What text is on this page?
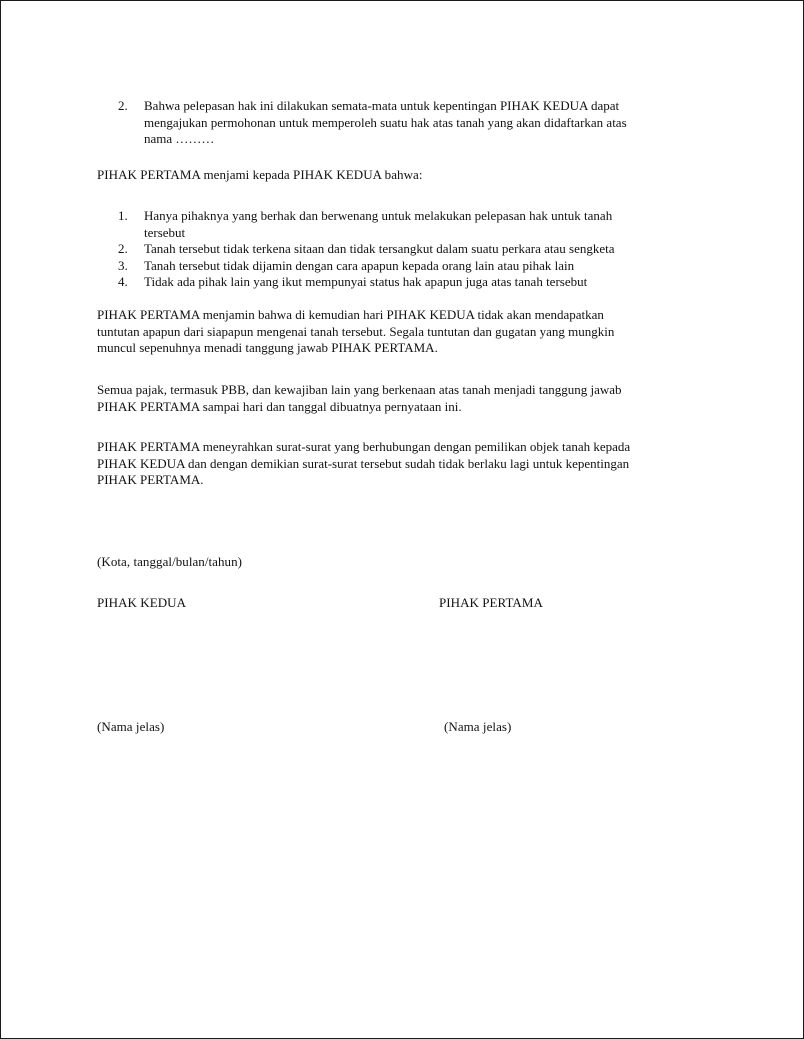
2. Bahwa pelepasan hak ini dilakukan semata-mata untuk kepentingan PIHAK KEDUA dapat
mengajukan permohonan untuk memperoleh suatu hak atas tanah yang akan didaftarkan atas
nama ………
PIHAK PERTAMA menjami kepada PIHAK KEDUA bahwa:
1. Hanya pihaknya yang berhak dan berwenang untuk melakukan pelepasan hak untuk tanah
tersebut
2. Tanah tersebut tidak terkena sitaan dan tidak tersangkut dalam suatu perkara atau sengketa
3. Tanah tersebut tidak dijamin dengan cara apapun kepada orang lain atau pihak lain
4. Tidak ada pihak lain yang ikut mempunyai status hak apapun juga atas tanah tersebut
PIHAK PERTAMA menjamin bahwa di kemudian hari PIHAK KEDUA tidak akan mendapatkan
tuntutan apapun dari siapapun mengenai tanah tersebut. Segala tuntutan dan gugatan yang mungkin
muncul sepenuhnya menadi tanggung jawab PIHAK PERTAMA.
Semua pajak, termasuk PBB, dan kewajiban lain yang berkenaan atas tanah menjadi tanggung jawab
PIHAK PERTAMA sampai hari dan tanggal dibuatnya pernyataan ini.
PIHAK PERTAMA meneyrahkan surat-surat yang berhubungan dengan pemilikan objek tanah kepada
PIHAK KEDUA dan dengan demikian surat-surat tersebut sudah tidak berlaku lagi untuk kepentingan
PIHAK PERTAMA.
(Kota, tanggal/bulan/tahun)
PIHAK KEDUA	PIHAK PERTAMA
(Nama jelas)	(Nama jelas)
